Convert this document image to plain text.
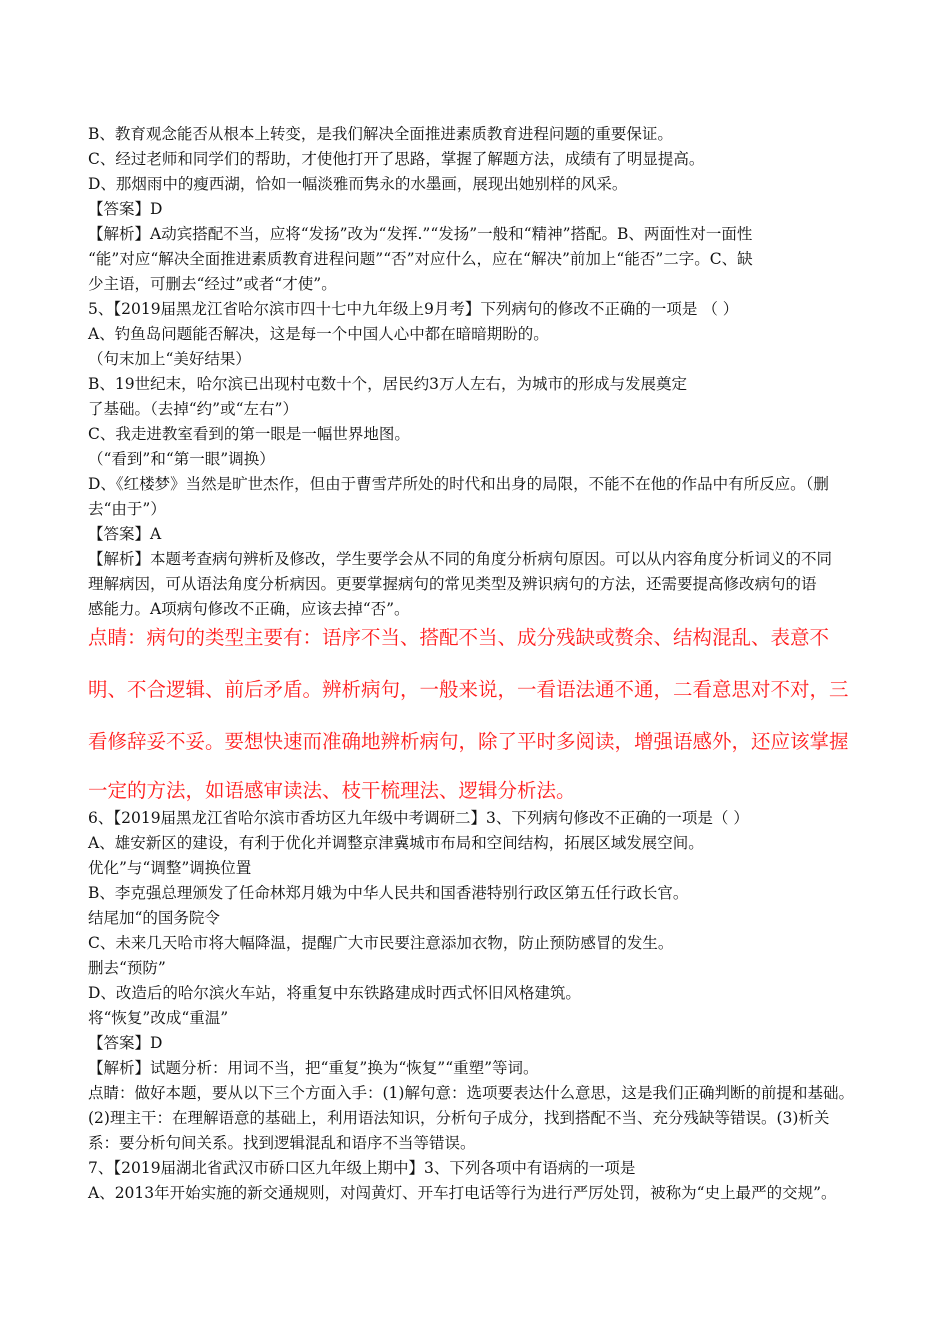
B、教育观念能否从根本上转变，是我们解决全面推进素质教育进程问题的重要保证。
C、经过老师和同学们的帮助，才使他打开了思路，掌握了解题方法，成绩有了明显提高。
D、那烟雨中的瘦西湖，恰如一幅淡雅而隽永的水墨画，展现出她别样的风采。
【答案】D
【解析】A动宾搭配不当，应将“发扬”改为“发挥.”“发扬”一般和“精神”搭配。B、两面性对一面性
“能”对应“解决全面推进素质教育进程问题”“否”对应什么，应在“解决”前加上“能否”二字。C、缺
少主语，可删去“经过”或者“才使”。
5、【2019届黑龙江省哈尔滨市四十七中九年级上9月考】下列病句的修改不正确的一项是 （ ）
A、钓鱼岛问题能否解决，这是每一个中国人心中都在暗暗期盼的。
（句末加上“美好结果）
B、19世纪末，哈尔滨已出现村屯数十个，居民约3万人左右，为城市的形成与发展奠定
了基础。（去掉“约”或“左右”）
C、我走进教室看到的第一眼是一幅世界地图。
（“看到”和“第一眼”调换）
D、《红楼梦》当然是旷世杰作，但由于曹雪芹所处的时代和出身的局限，不能不在他的作品中有所反应。（删
去“由于”）
【答案】A
【解析】本题考查病句辨析及修改，学生要学会从不同的角度分析病句原因。可以从内容角度分析词义的不同
理解病因，可从语法角度分析病因。更要掌握病句的常见类型及辨识病句的方法，还需要提高修改病句的语
感能力。A项病句修改不正确，应该去掉“否”。
点睛：病句的类型主要有：语序不当、搭配不当、成分残缺或赘余、结构混乱、表意不
明、不合逻辑、前后矛盾。辨析病句，一般来说，一看语法通不通，二看意思对不对，三
看修辞妥不妥。要想快速而准确地辨析病句，除了平时多阅读，增强语感外，还应该掌握
一定的方法，如语感审读法、枝干梳理法、逻辑分析法。
6、【2019届黑龙江省哈尔滨市香坊区九年级中考调研二】3、下列病句修改不正确的一项是（ ）
A、雄安新区的建设，有利于优化并调整京津冀城市布局和空间结构，拓展区域发展空间。
优化”与“调整”调换位置
B、李克强总理颁发了任命林郑月娥为中华人民共和国香港特别行政区第五任行政长官。
结尾加“的国务院令
C、未来几天哈市将大幅降温，提醒广大市民要注意添加衣物，防止预防感冒的发生。
删去“预防”
D、改造后的哈尔滨火车站，将重复中东铁路建成时西式怀旧风格建筑。
将“恢复”改成“重温”
【答案】D
【解析】试题分析：用词不当，把“重复”换为“恢复”“重塑”等词。
点睛：做好本题，要从以下三个方面入手：(1)解句意：选项要表达什么意思，这是我们正确判断的前提和基础。
(2)理主干：在理解语意的基础上，利用语法知识，分析句子成分，找到搭配不当、充分残缺等错误。(3)析关
系：要分析句间关系。找到逻辑混乱和语序不当等错误。
7、【2019届湖北省武汉市硚口区九年级上期中】3、下列各项中有语病的一项是
A、2013年开始实施的新交通规则，对闯黄灯、开车打电话等行为进行严厉处罚，被称为“史上最严的交规”。
